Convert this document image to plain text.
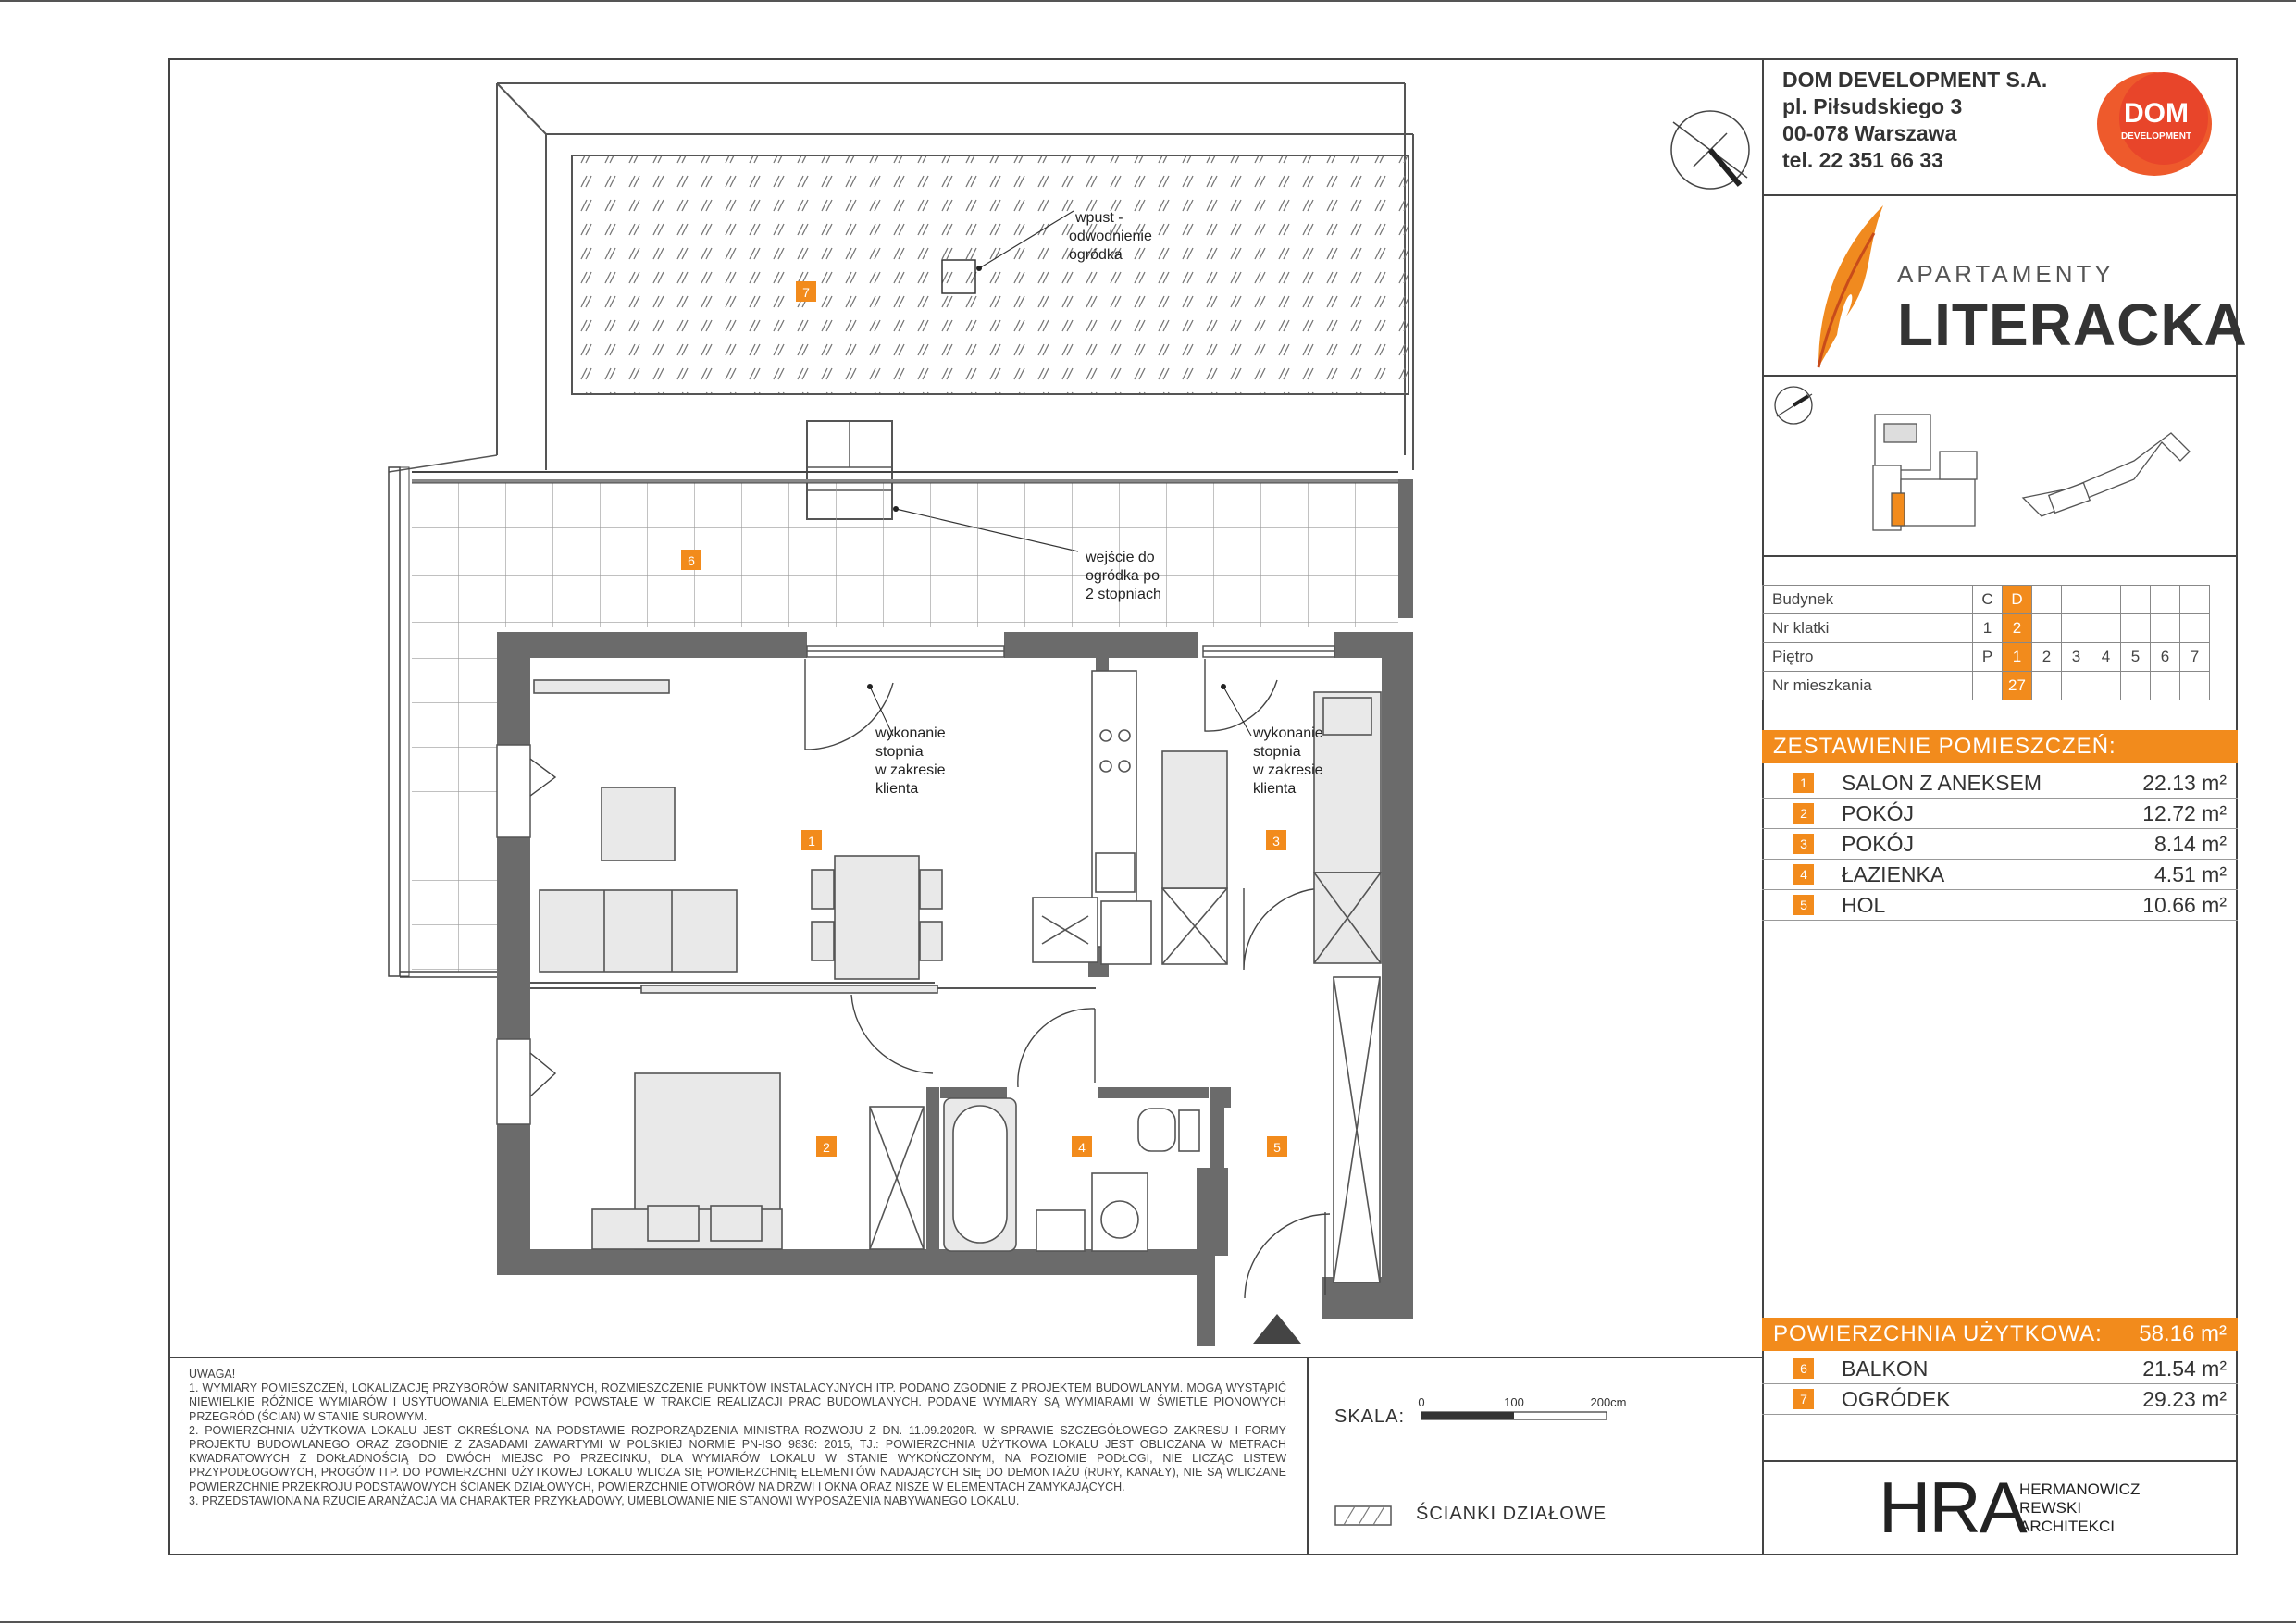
1
2
3
4	5
6
7
wpust -
odwodnienie
ogródka
wejście do
ogródka po
2 stopniach
wykonanie
stopnia
w zakresie
klienta
wykonanie
stopnia
w zakresie
klienta
DOM DEVELOPMENT S.A.
pl. Piłsudskiego 3
00-078 Warszawa
tel. 22 351 66 33
DOM
DEVELOPMENT
APARTAMENTY
LITERACKA
Budynek	C	D						
Nr klatki	1	2						
Piętro	P	1	2	3	4	5	6	7
Nr mieszkania		27						
ZESTAWIENIE POMIESZCZEŃ:
1	SALON Z ANEKSEM	22.13 m²
2	POKÓJ	12.72 m²
3	POKÓJ	8.14 m²
4	ŁAZIENKA	4.51 m²
5	HOL	10.66 m²
POWIERZCHNIA UŻYTKOWA: 58.16 m²
6	BALKON	21.54 m²
7	OGRÓDEK	29.23 m²
HRA
HERMANOWICZ
REWSKI
ARCHITEKCI
UWAGA!
1. WYMIARY POMIESZCZEŃ, LOKALIZACJĘ PRZYBORÓW SANITARNYCH, ROZMIESZCZENIE PUNKTÓW INSTALACYJNYCH ITP. PODANO ZGODNIE Z PROJEKTEM BUDOWLANYM. MOGĄ WYSTĄPIĆ NIEWIELKIE RÓŻNICE WYMIARÓW I USYTUOWANIA ELEMENTÓW POWSTAŁE W TRAKCIE REALIZACJI PRAC BUDOWLANYCH. PODANE WYMIARY SĄ WYMIARAMI W ŚWIETLE PIONOWYCH PRZEGRÓD (ŚCIAN) W STANIE SUROWYM.
2. POWIERZCHNIA UŻYTKOWA LOKALU JEST OKREŚLONA NA PODSTAWIE ROZPORZĄDZENIA MINISTRA ROZWOJU Z DN. 11.09.2020R. W SPRAWIE SZCZEGÓŁOWEGO ZAKRESU I FORMY PROJEKTU BUDOWLANEGO ORAZ ZGODNIE Z ZASADAMI ZAWARTYMI W POLSKIEJ NORMIE PN-ISO 9836: 2015, TJ.: POWIERZCHNIA UŻYTKOWA LOKALU JEST OBLICZANA W METRACH KWADRATOWYCH Z DOKŁADNOŚCIĄ DO DWÓCH MIEJSC PO PRZECINKU, DLA WYMIARÓW LOKALU W STANIE WYKOŃCZONYM, NA POZIOMIE PODŁOGI, NIE LICZĄC LISTEW PRZYPODŁOGOWYCH, PROGÓW ITP. DO POWIERZCHNI UŻYTKOWEJ LOKALU WLICZA SIĘ POWIERZCHNIĘ ELEMENTÓW NADAJĄCYCH SIĘ DO DEMONTAŻU (RURY, KANAŁY), NIE SĄ WLICZANE POWIERZCHNIE PRZEKROJU PODSTAWOWYCH ŚCIANEK DZIAŁOWYCH, POWIERZCHNIE OTWORÓW NA DRZWI I OKNA ORAZ NISZE W ELEMENTACH ZAMYKAJĄCYCH.
3. PRZEDSTAWIONA NA RZUCIE ARANŻACJA MA CHARAKTER PRZYKŁADOWY, UMEBLOWANIE NIE STANOWI WYPOSAŻENIA NABYWANEGO LOKALU.
SKALA:
0	100	200cm
ŚCIANKI DZIAŁOWE
